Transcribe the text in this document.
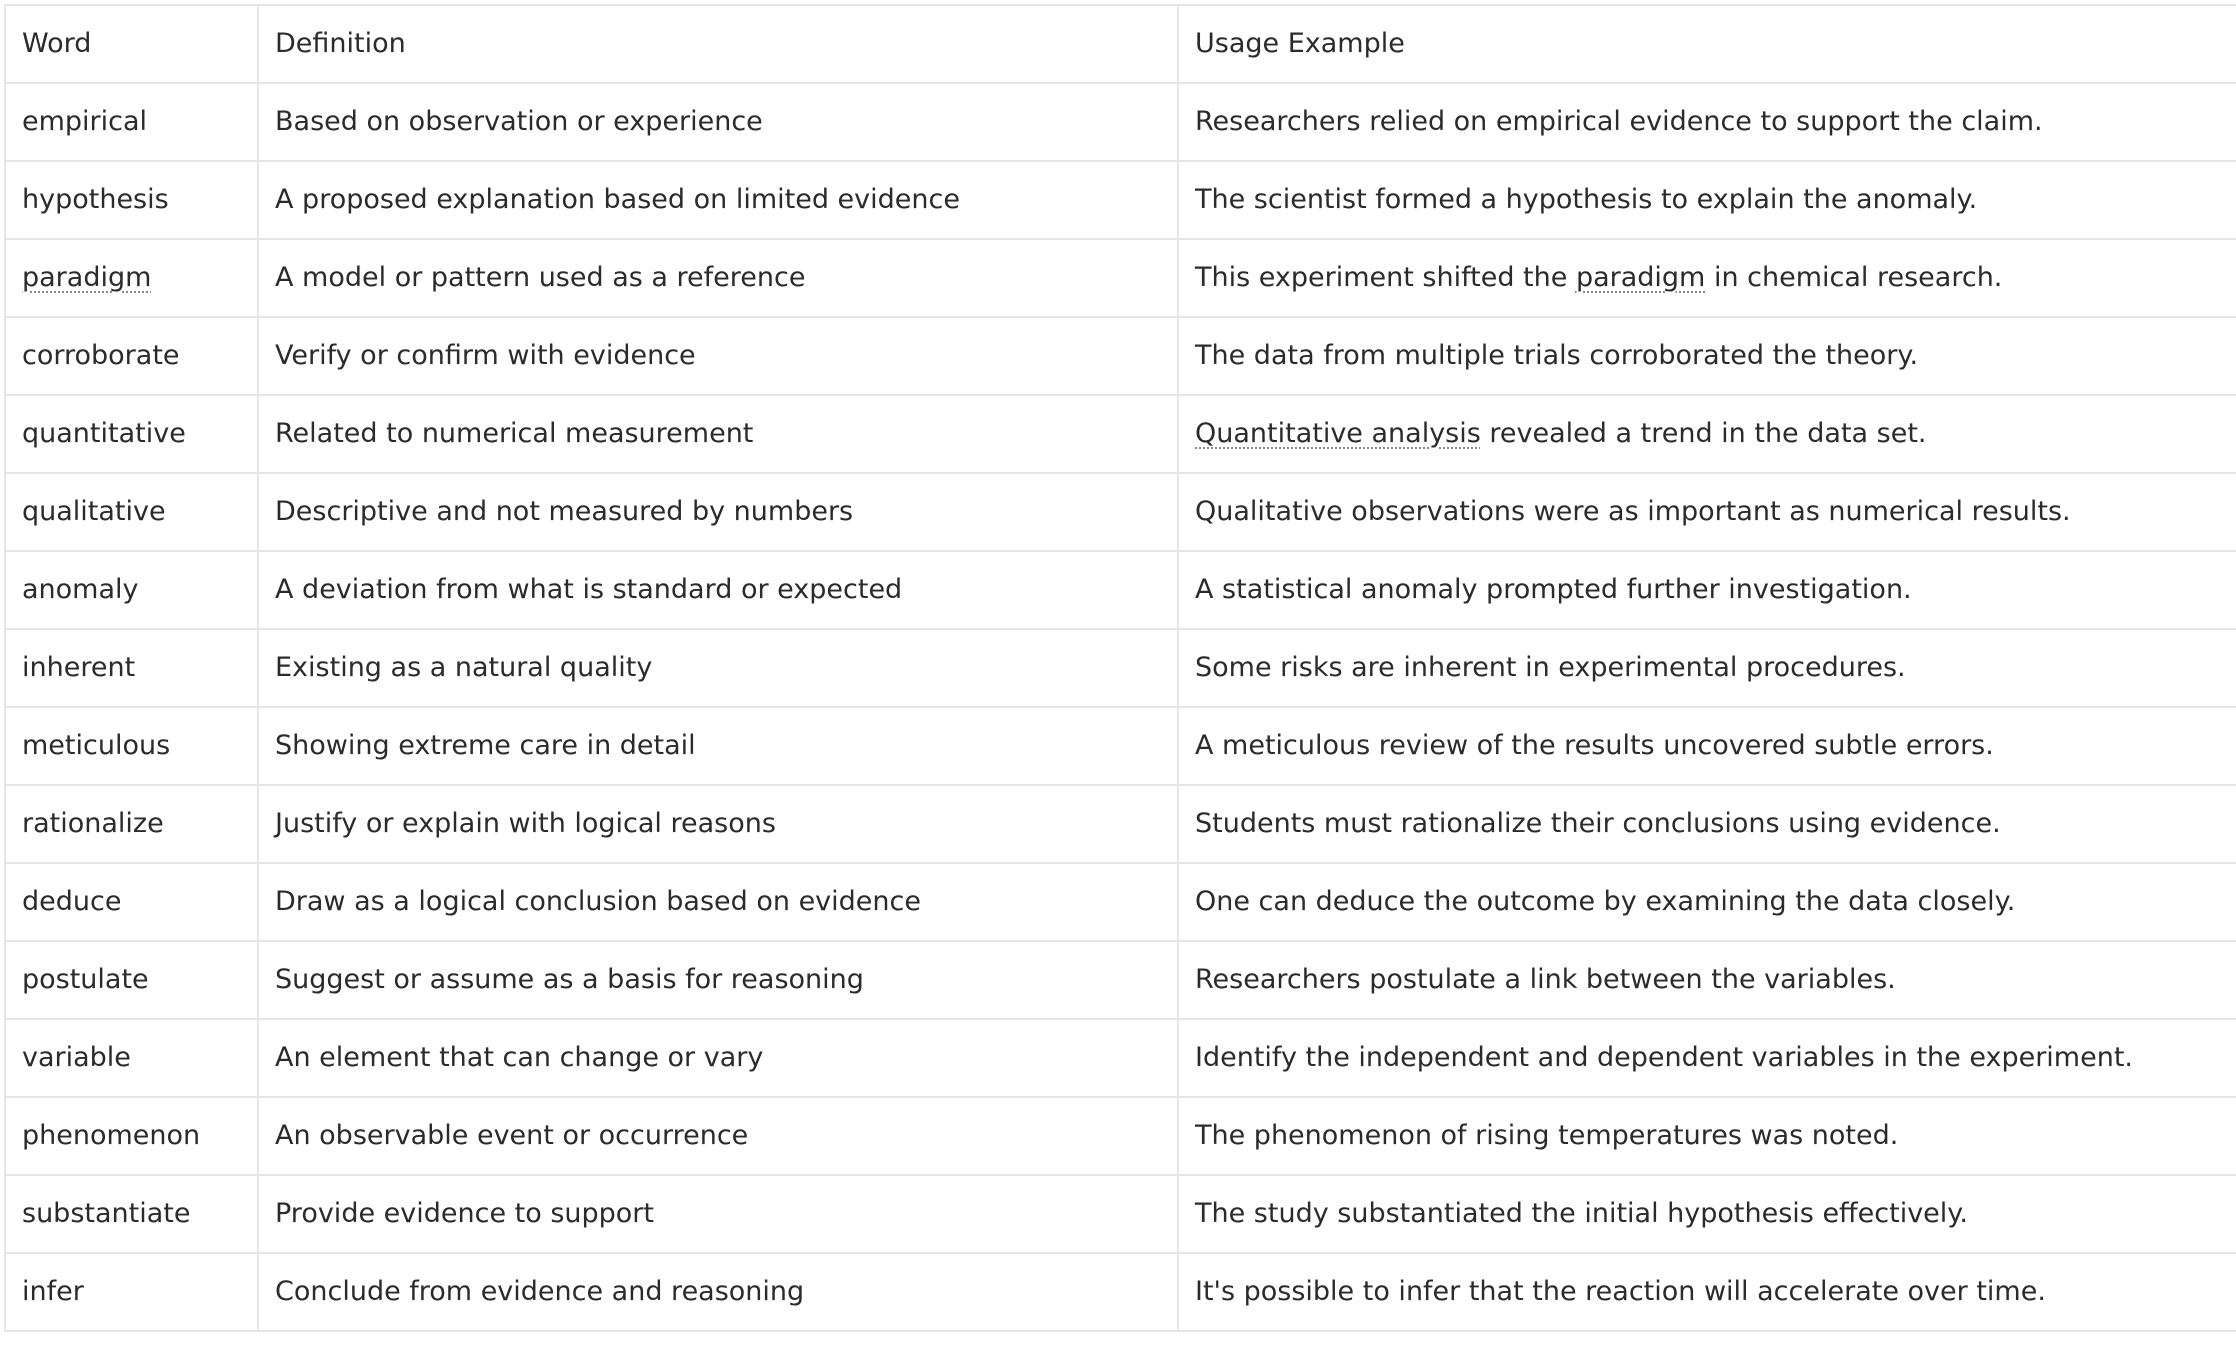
Word	Definition	Usage Example
empirical	Based on observation or experience	Researchers relied on empirical evidence to support the claim.
hypothesis	A proposed explanation based on limited evidence	The scientist formed a hypothesis to explain the anomaly.
paradigm	A model or pattern used as a reference	This experiment shifted the paradigm in chemical research.
corroborate	Verify or confirm with evidence	The data from multiple trials corroborated the theory.
quantitative	Related to numerical measurement	Quantitative analysis revealed a trend in the data set.
qualitative	Descriptive and not measured by numbers	Qualitative observations were as important as numerical results.
anomaly	A deviation from what is standard or expected	A statistical anomaly prompted further investigation.
inherent	Existing as a natural quality	Some risks are inherent in experimental procedures.
meticulous	Showing extreme care in detail	A meticulous review of the results uncovered subtle errors.
rationalize	Justify or explain with logical reasons	Students must rationalize their conclusions using evidence.
deduce	Draw as a logical conclusion based on evidence	One can deduce the outcome by examining the data closely.
postulate	Suggest or assume as a basis for reasoning	Researchers postulate a link between the variables.
variable	An element that can change or vary	Identify the independent and dependent variables in the experiment.
phenomenon	An observable event or occurrence	The phenomenon of rising temperatures was noted.
substantiate	Provide evidence to support	The study substantiated the initial hypothesis effectively.
infer	Conclude from evidence and reasoning	It's possible to infer that the reaction will accelerate over time.
